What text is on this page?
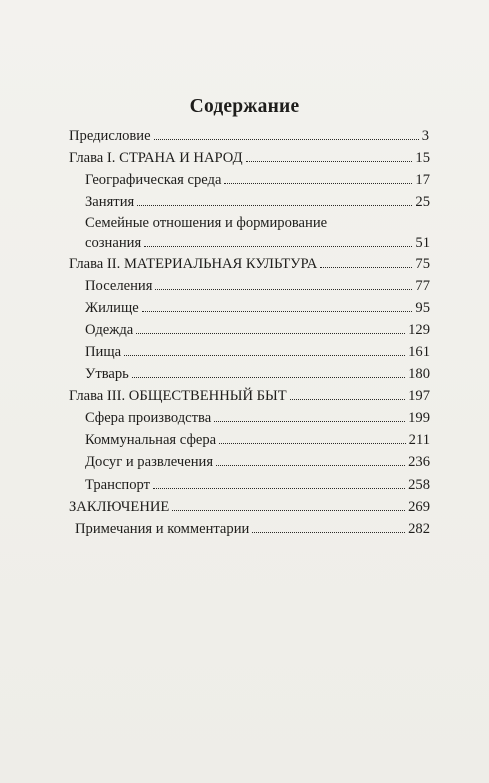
Содержание
Предисловие	3
Глава I. СТРАНА И НАРОД	15
Географическая среда	17
Занятия	25
Семейные отношения и формирование
сознания	51
Глава II. МАТЕРИАЛЬНАЯ КУЛЬТУРА	75
Поселения	77
Жилище	95
Одежда	129
Пища	161
Утварь	180
Глава III. ОБЩЕСТВЕННЫЙ БЫТ	197
Сфера производства	199
Коммунальная сфера	211
Досуг и развлечения	236
Транспорт	258
ЗАКЛЮЧЕНИЕ	269
Примечания и комментарии	282
